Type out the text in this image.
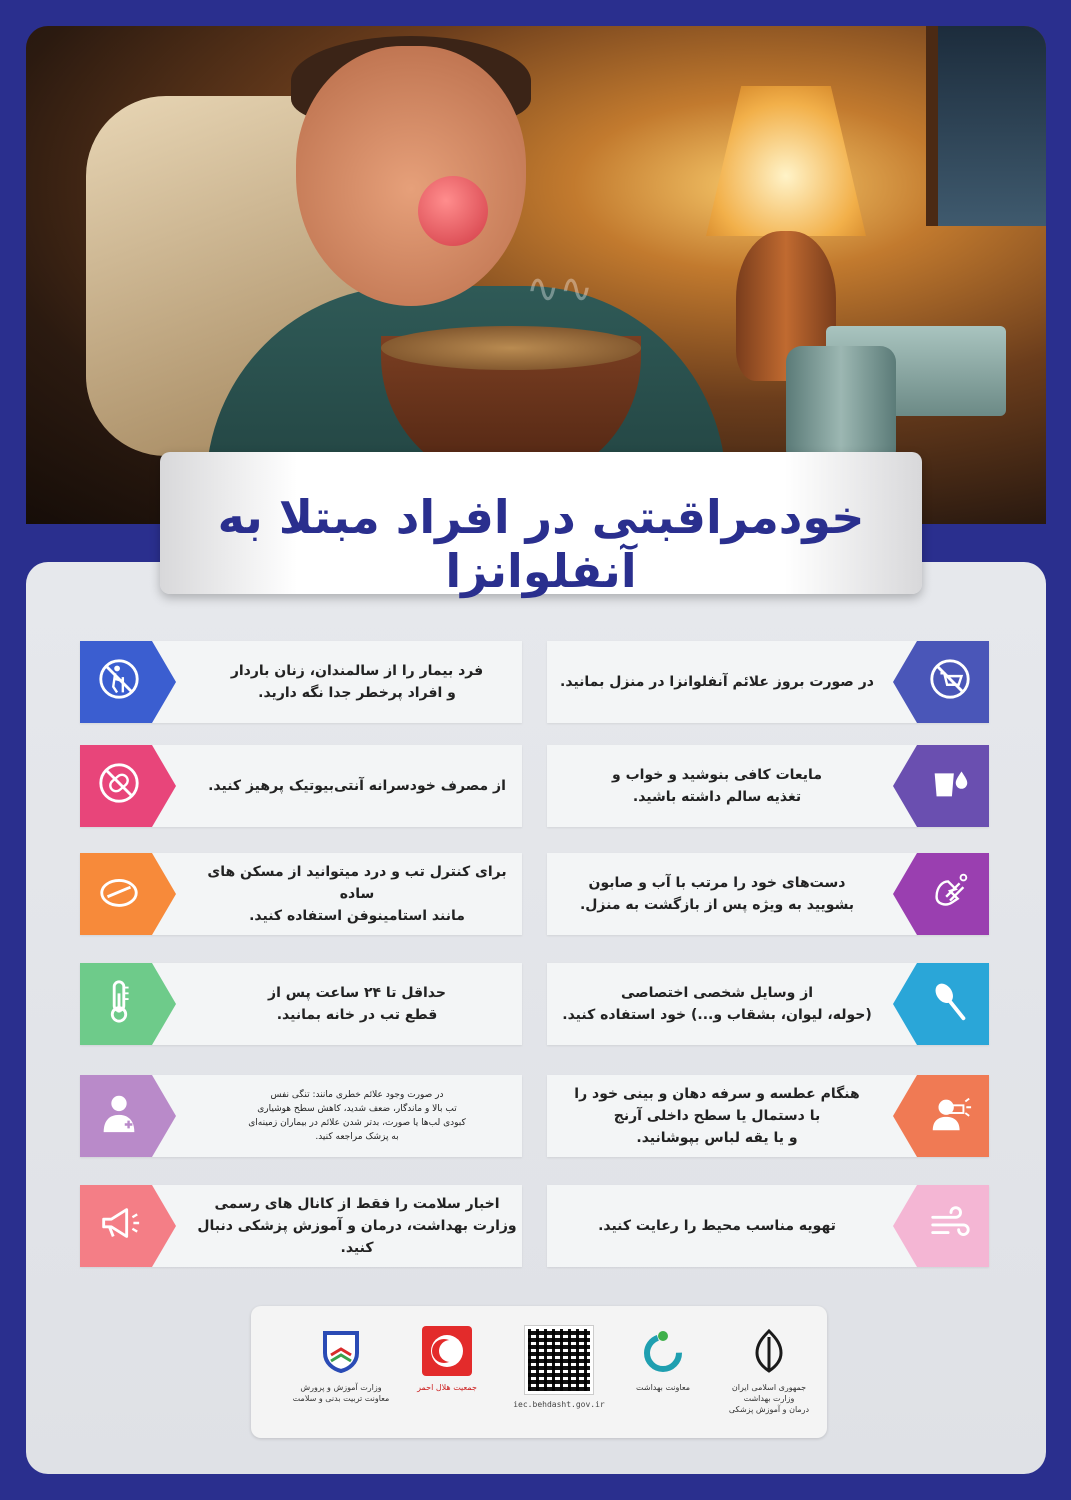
∿∿
خودمراقبتی در افراد مبتلا به آنفلوانزا
در صورت بروز علائم آنفلوانزا در منزل بمانید.
مایعات کافی بنوشید و خواب و
تغذیه سالم داشته باشید.
دست‌های خود را مرتب با آب و صابون
بشویید به ویژه پس از بازگشت به منزل.
از وسایل شخصی اختصاصی
(حوله، لیوان، بشقاب و...) خود استفاده کنید.
هنگام عطسه و سرفه دهان و بینی خود را
با دستمال یا سطح داخلی آرنج
و یا یقه لباس بپوشانید.
تهویه مناسب محیط را رعایت کنید.
فرد بیمار را از سالمندان، زنان باردار
و افراد پرخطر جدا نگه دارید.
از مصرف خودسرانه آنتی‌بیوتیک پرهیز کنید.
برای کنترل تب و درد میتوانید از مسکن های ساده
مانند استامینوفن استفاده کنید.
حداقل تا ۲۴ ساعت پس از
قطع تب در خانه بمانید.
در صورت وجود علائم خطری مانند: تنگی نفس
تب بالا و ماندگار، ضعف شدید، کاهش سطح هوشیاری
کبودی لب‌ها یا صورت، بدتر شدن علائم در بیماران زمینه‌ای
به پزشک مراجعه کنید.
اخبار سلامت را فقط از کانال های رسمی
وزارت بهداشت، درمان و آموزش پزشکی دنبال کنید.
جمهوری اسلامی ایران
وزارت بهداشت
درمان و آموزش پزشکی
معاونت بهداشت
iec.behdasht.gov.ir
جمعیت هلال احمر
وزارت آموزش و پرورش
معاونت تربیت بدنی و سلامت
